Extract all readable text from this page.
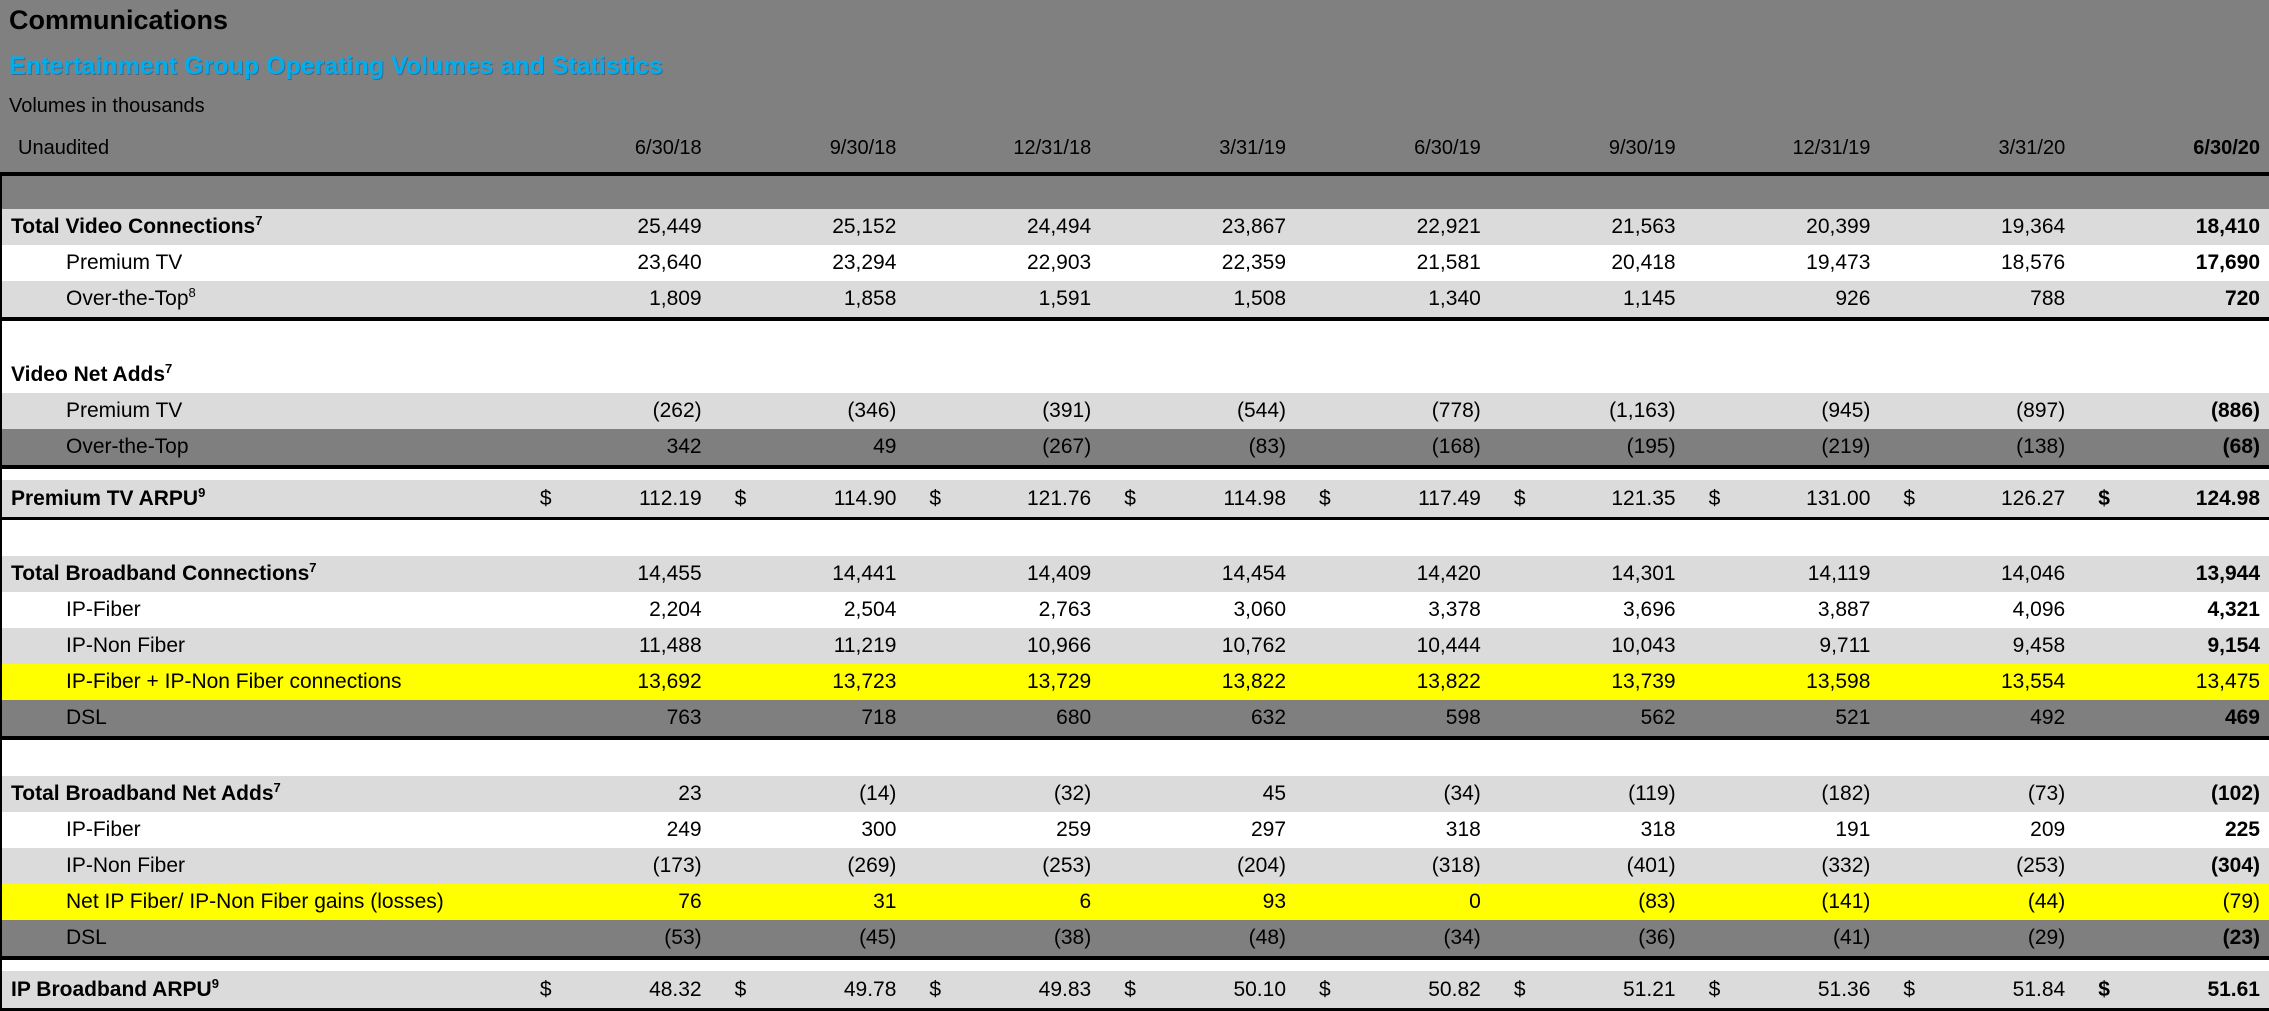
Communications
Entertainment Group Operating Volumes and Statistics
Volumes in thousands
Unaudited	6/30/18	9/30/18	12/31/18	3/31/19	6/30/19	9/30/19	12/31/19	3/31/20	6/30/20
Total Video Connections$^7$	25,449	25,152	24,494	23,867	22,921	21,563	20,399	19,364	18,410
Premium TV	23,640	23,294	22,903	22,359	21,581	20,418	19,473	18,576	17,690
Over-the-Top$^8$	1,809	1,858	1,591	1,508	1,340	1,145	926	788	720
Video Net Adds$^7$
Premium TV	(262)	(346)	(391)	(544)	(778)	(1,163)	(945)	(897)	(886)
Over-the-Top	342	49	(267)	(83)	(168)	(195)	(219)	(138)	(68)
Premium TV ARPU$^9$	$	112.19 $	114.90 $	121.76 $	114.98 $	117.49 $	121.35 $	131.00 $	126.27 $	124.98
Total Broadband Connections$^7$	14,455	14,441	14,409	14,454	14,420	14,301	14,119	14,046	13,944
IP-Fiber	2,204	2,504	2,763	3,060	3,378	3,696	3,887	4,096	4,321
IP-Non Fiber	11,488	11,219	10,966	10,762	10,444	10,043	9,711	9,458	9,154
IP-Fiber + IP-Non Fiber connections	13,692	13,723	13,729	13,822	13,822	13,739	13,598	13,554	13,475
DSL	763	718	680	632	598	562	521	492	469
Total Broadband Net Adds$^7$	23	(14)	(32)	45	(34)	(119)	(182)	(73)	(102)
IP-Fiber	249	300	259	297	318	318	191	209	225
IP-Non Fiber	(173)	(269)	(253)	(204)	(318)	(401)	(332)	(253)	(304)
Net IP Fiber/ IP-Non Fiber gains (losses)	76	31	6	93	0	(83)	(141)	(44)	(79)
DSL	(53)	(45)	(38)	(48)	(34)	(36)	(41)	(29)	(23)
IP Broadband ARPU$^9$	$	48.32 $	49.78 $	49.83 $	50.10 $	50.82 $	51.21 $	51.36 $	51.84 $	51.61
